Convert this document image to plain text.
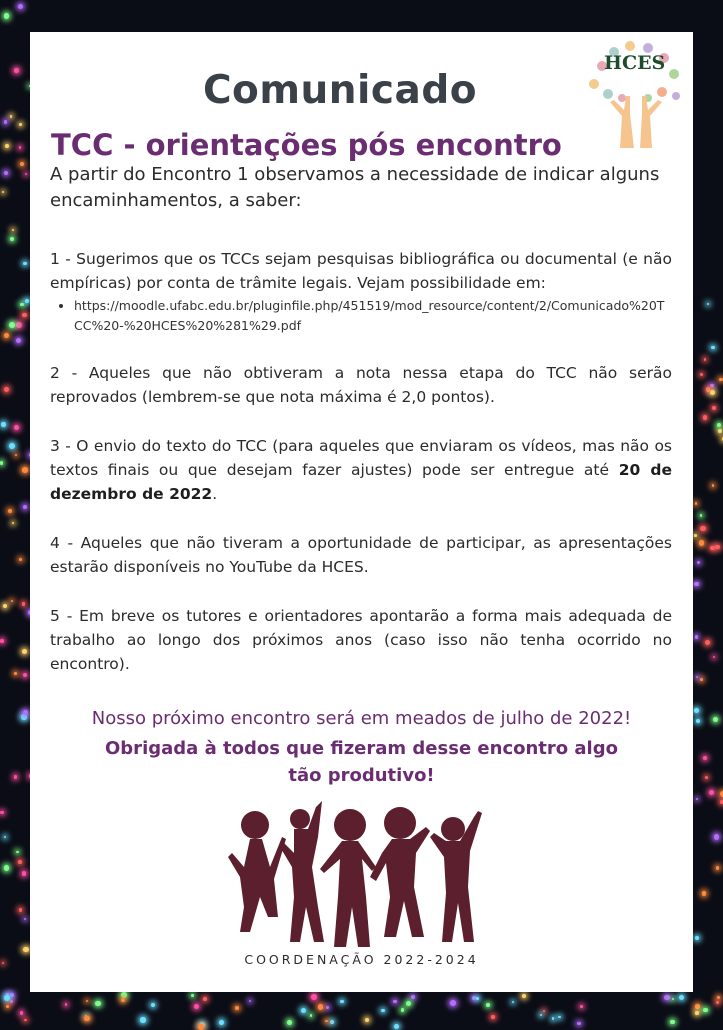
Comunicado
TCC - orientações pós encontro
HCES
A partir do Encontro 1 observamos a necessidade de indicar alguns encaminhamentos, a saber:

1 - Sugerimos que os TCCs sejam pesquisas bibliográfica ou documental (e não empíricas) por conta de trâmite legais. Vejam possibilidade em:

• https://moodle.ufabc.edu.br/pluginfile.php/451519/mod_resource/content/2/Comunicado%20TCC%20-%20HCES%20%281%29.pdf

2 - Aqueles que não obtiveram a nota nessa etapa do TCC não serão reprovados (lembrem-se que nota máxima é 2,0 pontos).

3 - O envio do texto do TCC (para aqueles que enviaram os vídeos, mas não os textos finais ou que desejam fazer ajustes) pode ser entregue até 20 de dezembro de 2022.

4 - Aqueles que não tiveram a oportunidade de participar, as apresentações estarão disponíveis no YouTube da HCES.

5 - Em breve os tutores e orientadores apontarão a forma mais adequada de trabalho ao longo dos próximos anos (caso isso não tenha ocorrido no encontro).

Nosso próximo encontro será em meados de julho de 2022!
Obrigada à todos que fizeram desse encontro algo tão produtivo!
COORDENAÇÃO 2022-2024
